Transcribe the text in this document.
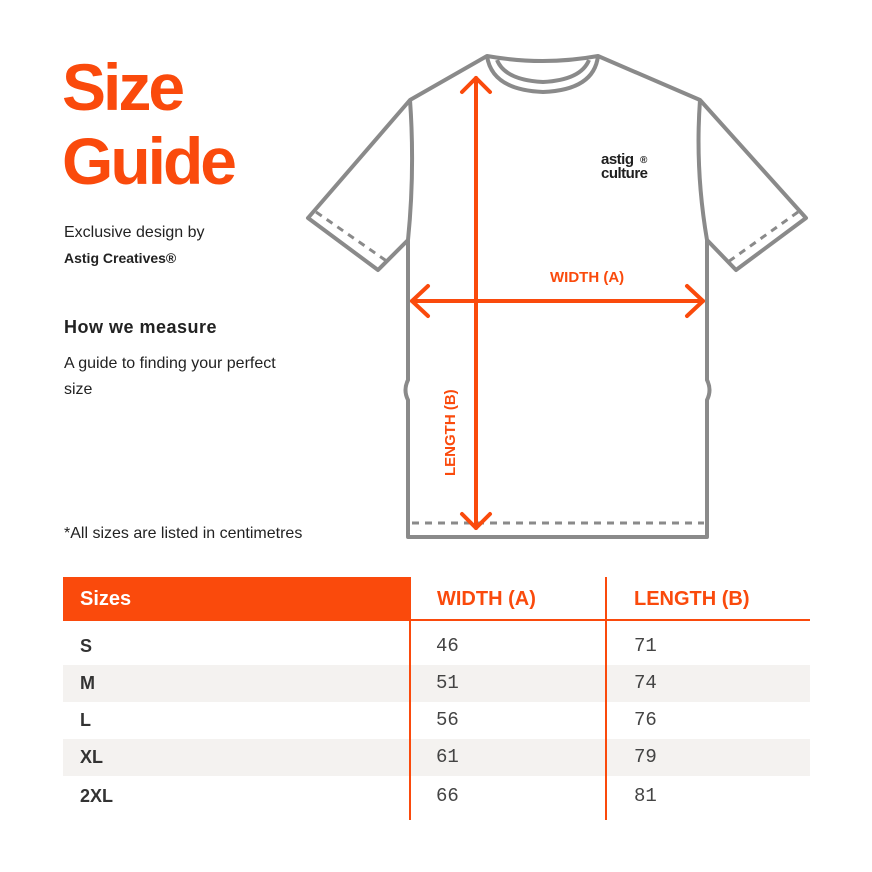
Size
Guide
Exclusive design by
Astig Creatives®
How we measure
A guide to finding your perfect size
*All sizes are listed in centimetres
WIDTH (A)
LENGTH (B)
astig ®
culture
Sizes	WIDTH (A)	LENGTH (B)
S	46	71
M	51	74
L	56	76
XL	61	79
2XL	66	81
